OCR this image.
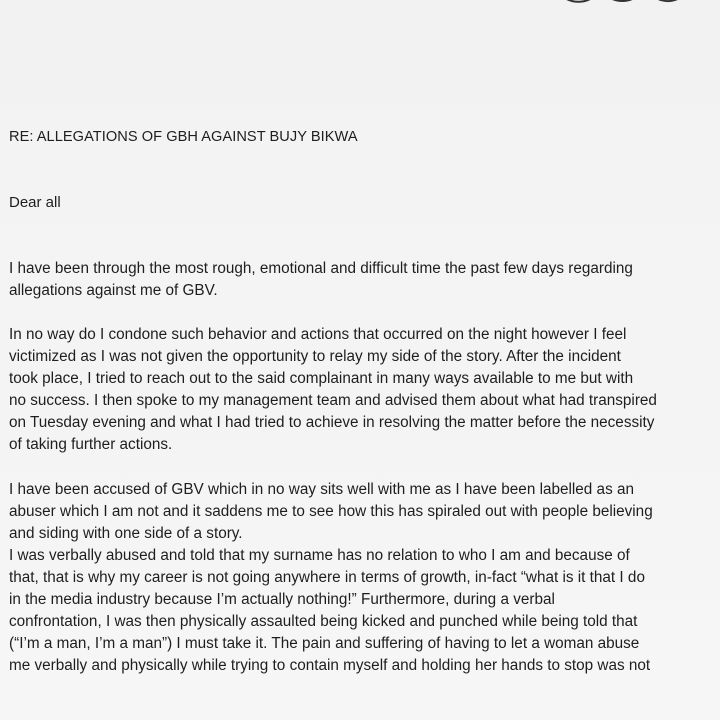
RE: ALLEGATIONS OF GBH AGAINST BUJY BIKWA
Dear all
I have been through the most rough, emotional and difficult time the past few days regarding
allegations against me of GBV.
In no way do I condone such behavior and actions that occurred on the night however I feel
victimized as I was not given the opportunity to relay my side of the story. After the incident
took place, I tried to reach out to the said complainant in many ways available to me but with
no success. I then spoke to my management team and advised them about what had transpired
on Tuesday evening and what I had tried to achieve in resolving the matter before the necessity
of taking further actions.
I have been accused of GBV which in no way sits well with me as I have been labelled as an
abuser which I am not and it saddens me to see how this has spiraled out with people believing
and siding with one side of a story.
I was verbally abused and told that my surname has no relation to who I am and because of
that, that is why my career is not going anywhere in terms of growth, in-fact “what is it that I do
in the media industry because I’m actually nothing!” Furthermore, during a verbal
confrontation, I was then physically assaulted being kicked and punched while being told that
(“I’m a man, I’m a man”) I must take it. The pain and suffering of having to let a woman abuse
me verbally and physically while trying to contain myself and holding her hands to stop was not
